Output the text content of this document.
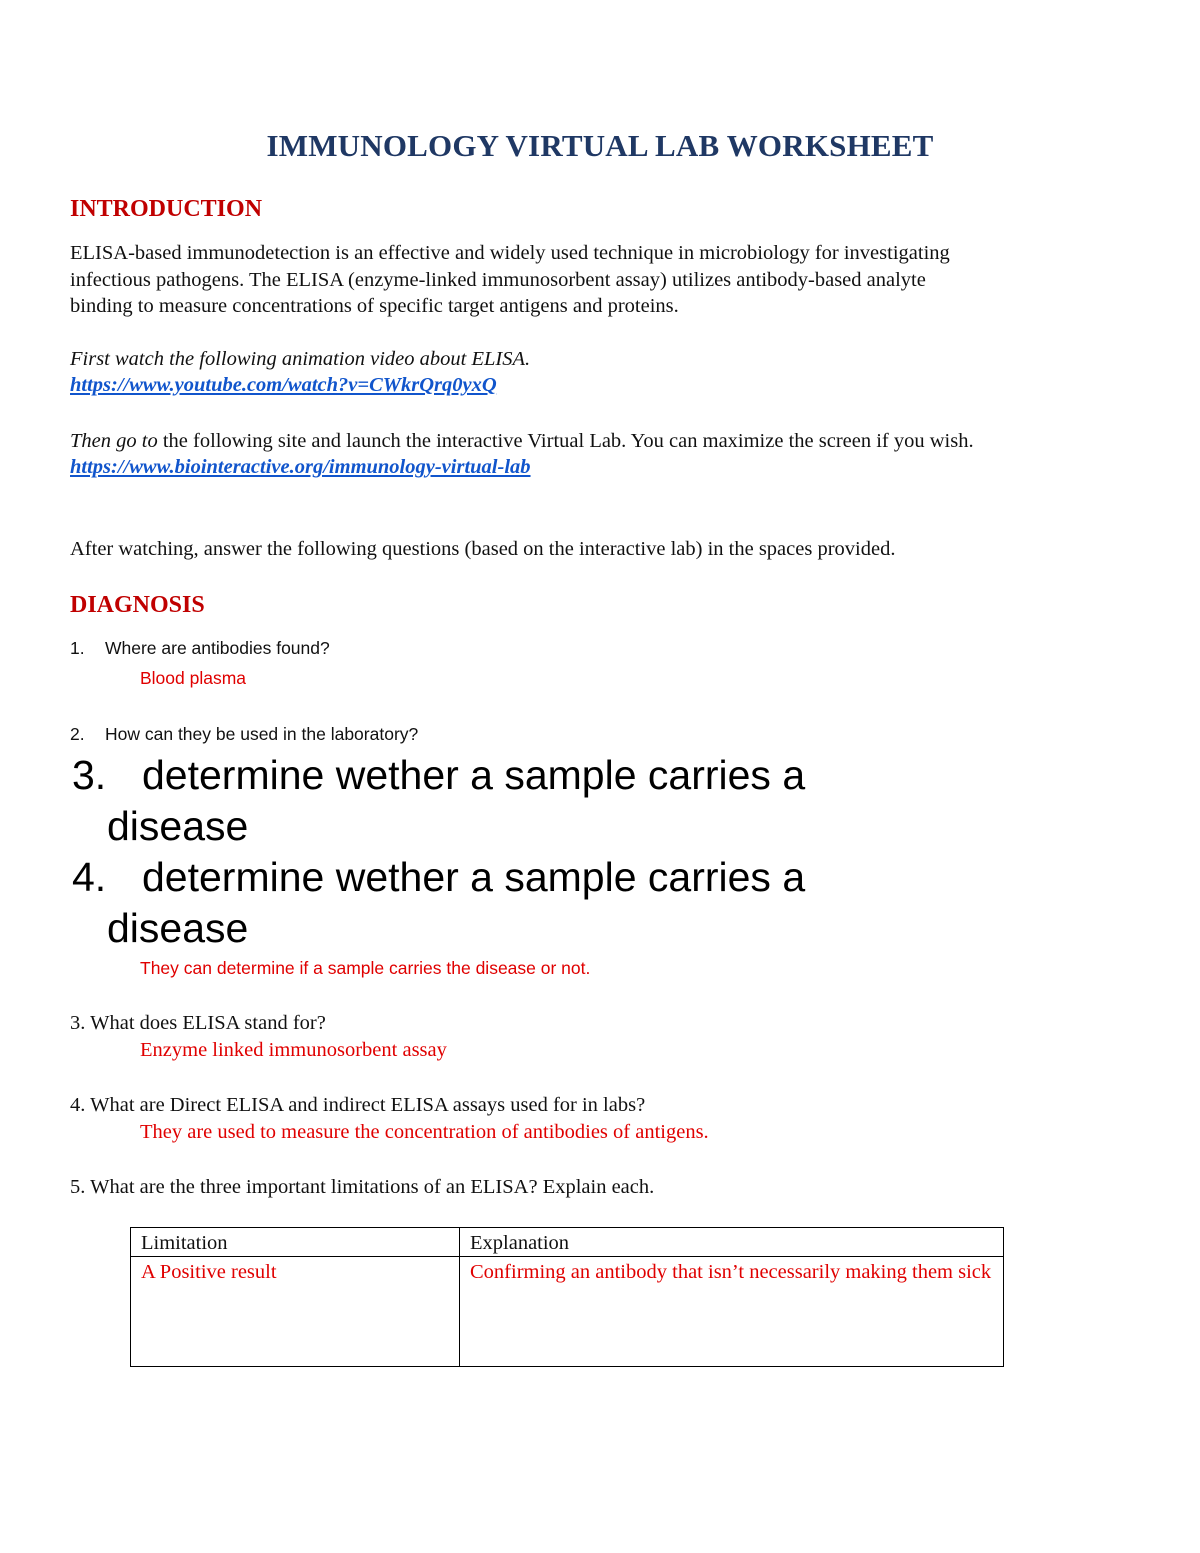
IMMUNOLOGY VIRTUAL LAB WORKSHEET
INTRODUCTION
ELISA-based immunodetection is an effective and widely used technique in microbiology for investigating
infectious pathogens. The ELISA (enzyme-linked immunosorbent assay) utilizes antibody-based analyte
binding to measure concentrations of specific target antigens and proteins.
First watch the following animation video about ELISA.
https://www.youtube.com/watch?v=CWkrQrq0yxQ
Then go to the following site and launch the interactive Virtual Lab. You can maximize the screen if you wish.
https://www.biointeractive.org/immunology-virtual-lab
After watching, answer the following questions (based on the interactive lab) in the spaces provided.
DIAGNOSIS
1. Where are antibodies found?
Blood plasma
2. How can they be used in the laboratory?
3. determine wether a sample carries a
disease
4. determine wether a sample carries a
disease
They can determine if a sample carries the disease or not.
3. What does ELISA stand for?
Enzyme linked immunosorbent assay
4. What are Direct ELISA and indirect ELISA assays used for in labs?
They are used to measure the concentration of antibodies of antigens.
5. What are the three important limitations of an ELISA? Explain each.
Limitation	Explanation
A Positive result	Confirming an antibody that isn’t necessarily making them sick
